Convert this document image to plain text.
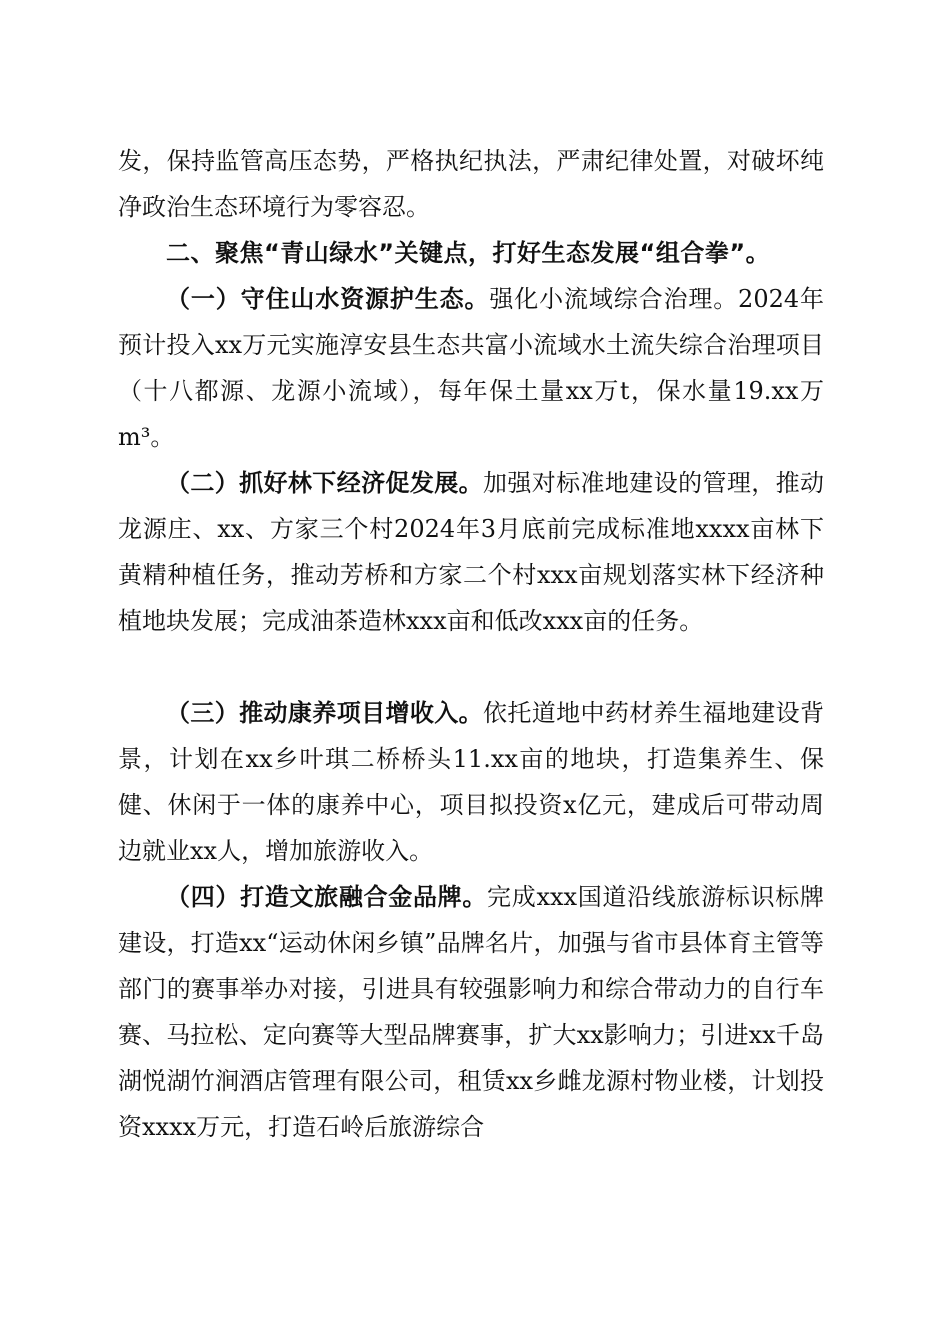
发，保持监管高压态势，严格执纪执法，严肃纪律处置，对破坏纯净政治生态环境行为零容忍。

二、聚焦“青山绿水”关键点，打好生态发展“组合拳”。

（一）守住山水资源护生态。强化小流域综合治理。2024年预计投入xx万元实施淳安县生态共富小流域水土流失综合治理项目（十八都源、龙源小流域），每年保土量xx万t，保水量19.xx万m³。

（二）抓好林下经济促发展。加强对标准地建设的管理，推动龙源庄、xx、方家三个村2024年3月底前完成标准地xxxx亩林下黄精种植任务，推动芳桥和方家二个村xxx亩规划落实林下经济种植地块发展；完成油茶造林xxx亩和低改xxx亩的任务。

（三）推动康养项目增收入。依托道地中药材养生福地建设背景，计划在xx乡叶琪二桥桥头11.xx亩的地块，打造集养生、保健、休闲于一体的康养中心，项目拟投资x亿元，建成后可带动周边就业xx人，增加旅游收入。

（四）打造文旅融合金品牌。完成xxx国道沿线旅游标识标牌建设，打造xx“运动休闲乡镇”品牌名片，加强与省市县体育主管等部门的赛事举办对接，引进具有较强影响力和综合带动力的自行车赛、马拉松、定向赛等大型品牌赛事，扩大xx影响力；引进xx千岛湖悦湖竹涧酒店管理有限公司，租赁xx乡雌龙源村物业楼，计划投资xxxx万元，打造石岭后旅游综合
